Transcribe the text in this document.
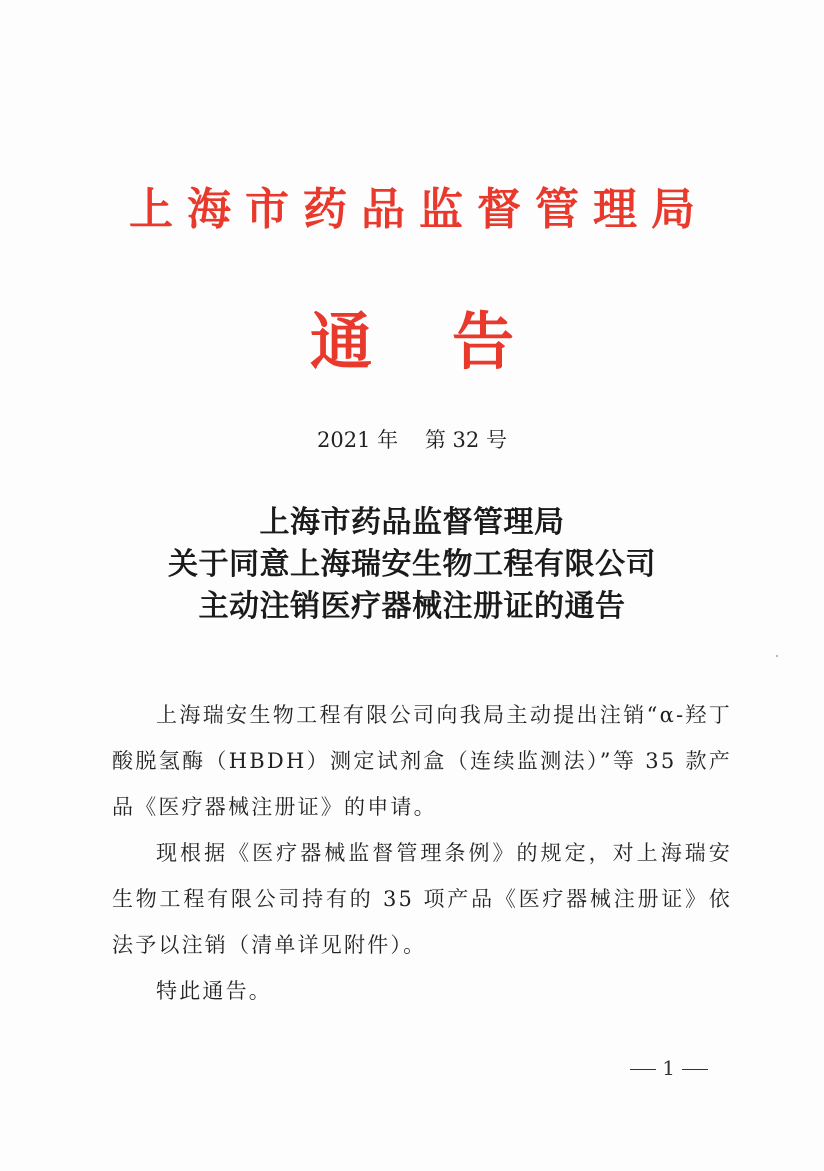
上海市药品监督管理局
通告
2021 年 第 32 号
上海市药品监督管理局
关于同意上海瑞安生物工程有限公司
主动注销医疗器械注册证的通告

上海瑞安生物工程有限公司向我局主动提出注销“α-羟丁酸脱氢酶（HBDH）测定试剂盒（连续监测法）”等 35 款产品《医疗器械注册证》的申请。

现根据《医疗器械监督管理条例》的规定，对上海瑞安生物工程有限公司持有的 35 项产品《医疗器械注册证》依法予以注销（清单详见附件）。

特此通告。

1
